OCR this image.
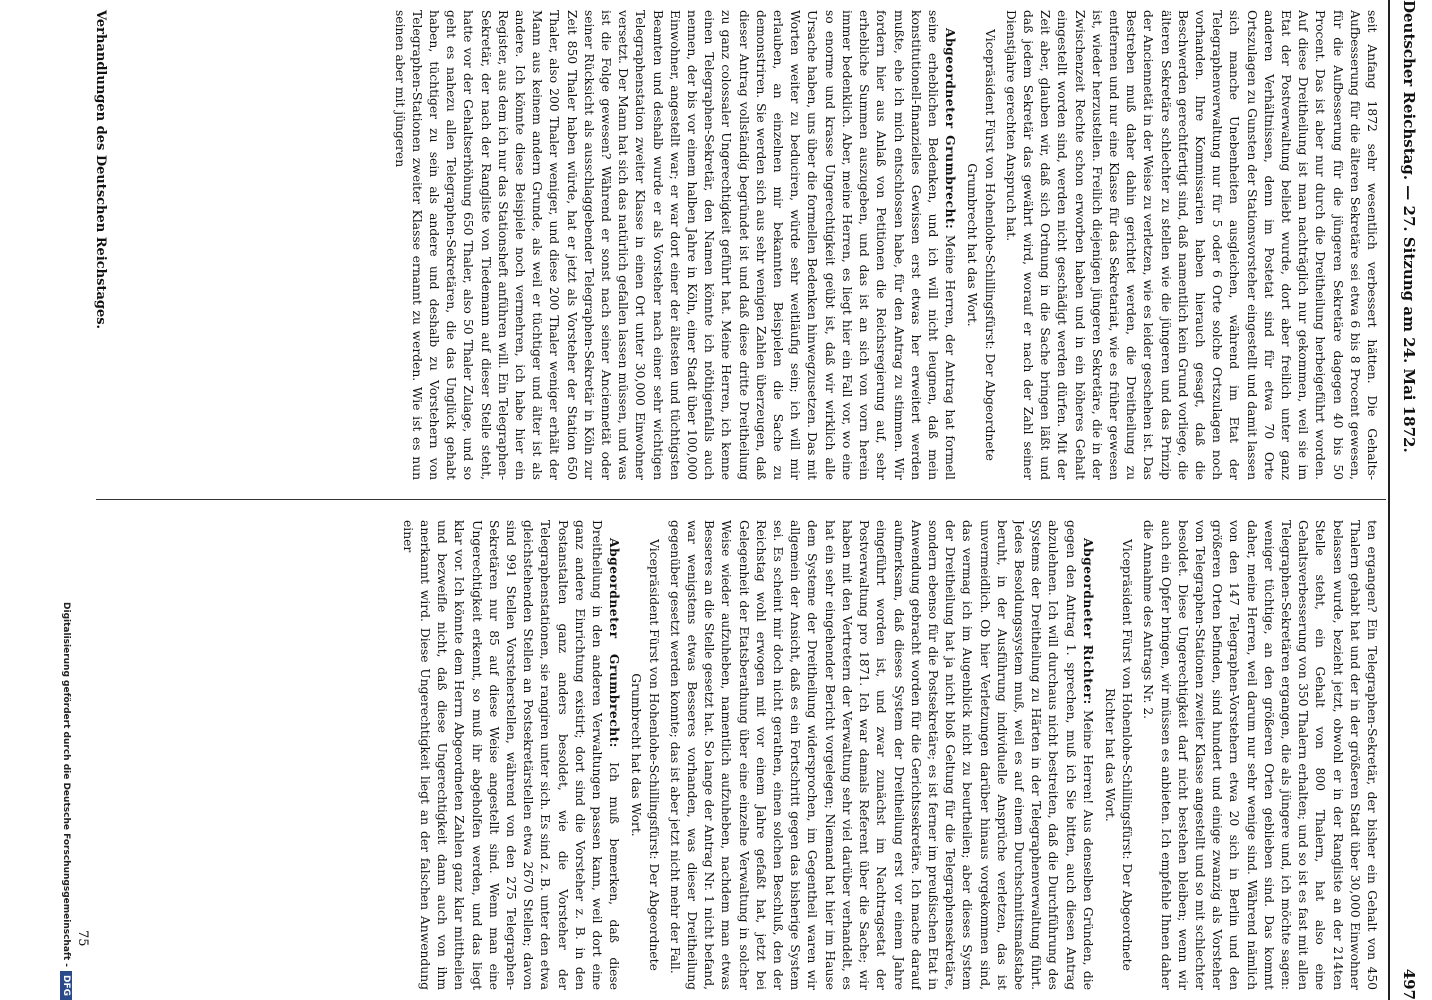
Deutscher Reichstag. — 27. Sitzung am 24. Mai 1872.
497

seit Anfang 1872 sehr wesentlich verbessert hätten. Die Gehalts-Aufbesserung für die älteren Sekretäre sei etwa 6 bis 8 Procent gewesen, für die Aufbesserung für die jüngeren Sekretäre dagegen 40 bis 50 Procent. Das ist aber nur durch die Dreitheilung herbeigeführt worden. Auf diese Dreitheilung ist man nachträglich nur gekommen, weil sie im Etat der Postverwaltung beliebt wurde, dort aber freilich unter ganz anderen Verhältnissen, denn im Postetat sind für etwa 70 Orte Ortszulagen zu Gunsten der Stationsvorsteher eingestellt und damit lassen sich manche Unebenheiten ausgleichen, während im Etat der Telegraphenverwaltung nur für 5 oder 6 Orte solche Ortszulagen noch vorhanden. Ihre Kommissarien haben hierauch gesagt, daß die Beschwerden gerechtfertigt sind, daß namentlich kein Grund vorliege, die älteren Sekretäre schlechter zu stellen wie die jüngeren und das Prinzip der Anciennetät in der Weise zu verletzen, wie es leider geschehen ist. Das Bestreben muß daher dahin gerichtet werden, die Dreitheilung zu entfernen und nur eine Klasse für das Sekretariat, wie es früher gewesen ist, wieder herzustellen. Freilich diejenigen jüngeren Sekretäre, die in der Zwischenzeit Rechte schon erworben haben und in ein höheres Gehalt eingestellt worden sind, werden nicht geschädigt werden dürfen. Mit der Zeit aber, glauben wir, daß sich Ordnung in die Sache bringen läßt und daß jedem Sekretär das gewährt wird, worauf er nach der Zahl seiner Dienstjahre gerechten Anspruch hat.

Vicepräsident Fürst von Hohenlohe-Schillingsfürst: Der Abgeordnete Grumbrecht hat das Wort.

Abgeordneter Grumbrecht: Meine Herren, der Antrag hat formell seine erheblichen Bedenken, und ich will nicht leugnen, daß mein konstitutionell-finanzielles Gewissen erst etwas her erweitert werden mußte, ehe ich mich entschlossen habe, für den Antrag zu stimmen. Wir fordern hier aus Anlaß von Petitionen die Reichsregierung auf, sehr erhebliche Summen auszugeben, und das ist an sich von vorn herein immer bedenklich. Aber, meine Herren, es liegt hier ein Fall vor, wo eine so enorme und krasse Ungerechtigkeit geübt ist, daß wir wirklich alle Ursache haben, uns über die formellen Bedenken hinwegzusetzen. Das mit Worten weiter zu beduciren, würde sehr weitläufig sein; ich will mir erlauben, an einzelnen mir bekannten Beispielen die Sache zu demonstriren. Sie werden sich aus sehr wenigen Zahlen überzeugen, daß dieser Antrag vollständig begründet ist und daß diese dritte Dreitheilung zu ganz colossaler Ungerechtigkeit geführt hat. Meine Herren, ich kenne einen Telegraphen-Sekretär, den Namen könnte ich nöthigenfalls auch nennen, der bis vor einem halben Jahre in Köln, einer Stadt über 100,000 Einwohner, angestellt war; er war dort einer der ältesten und tüchtigsten Beamten und deshalb wurde er als Vorsteher nach einer sehr wichtigen Telegraphenstation zweiter Klasse in einen Ort unter 30,000 Einwohner versetzt. Der Mann hat sich das natürlich gefallen lassen müssen, und was ist die Folge gewesen? Während er sonst nach seiner Anciennetät oder seiner Rücksicht als ausschlaggebender Telegraphen-Sekretär in Köln zur Zeit 850 Thaler haben würde, hat er jetzt als Vorsteher der Station 650 Thaler, also 200 Thaler weniger, und diese 200 Thaler weniger erhält der Mann aus keinem andern Grunde, als weil er tüchtiger und älter ist als andere. Ich könnte diese Beispiele noch vermehren, ich habe hier ein Register, aus dem ich nur das Stationsheft anführen will. Ein Telegraphen-Sekretär, der nach der Rangliste von Tiedemann auf dieser Stelle steht, hatte vor der Gehaltserhöhung 650 Thaler, also 50 Thaler Zulage, und so geht es nahezu allen Telegraphen-Sekretären, die das Unglück gehabt haben, tüchtiger zu sein als andere und deshalb zu Vorstehern von Telegraphen-Stationen zweiter Klasse ernannt zu werden. Wie ist es nun seinen aber mit jüngeren

ten ergangen? Ein Telegraphen-Sekretär, der bisher ein Gehalt von 450 Thalern gehabt hat und der in der größeren Stadt über 30,000 Einwohner belassen wurde, bezieht jetzt, obwohl er in der Rangliste an der 214ten Stelle steht, ein Gehalt von 800 Thalern, hat also eine Gehaltsverbesserung von 350 Thalern erhalten; und so ist es fast mit allen Telegraphen-Sekretären ergangen, die als jüngere und, ich möchte sagen: weniger tüchtige, an den größeren Orten geblieben sind. Das kommt daher, meine Herren, weil darum nur sehr wenige sind. Während nämlich von den 147 Telegraphen-Vorstehern etwa 20 sich in Berlin und den größeren Orten befinden, sind hundert und einige zwanzig als Vorsteher von Telegraphen-Stationen zweiter Klasse angestellt und so mit schlechter besoldet. Diese Ungerechtigkeit darf nicht bestehen bleiben; wenn wir auch ein Opfer bringen, wir müssen es anbieten. Ich empfehle Ihnen daher die Annahme des Antrags Nr. 2.

Vicepräsident Fürst von Hohenlohe-Schillingsfürst: Der Abgeordnete Richter hat das Wort.

Abgeordneter Richter: Meine Herren! Aus denselben Gründen, die gegen den Antrag 1. sprechen, muß ich Sie bitten, auch diesen Antrag abzulehnen. Ich will durchaus nicht bestreiten, daß die Durchführung des Systems der Dreitheilung zu Härten in der Telegraphenverwaltung führt. Jedes Besoldungssystem muß, weil es auf einem Durchschnittsmaßstabe beruht, in der Ausführung individuelle Ansprüche verletzen, das ist unvermeidlich. Ob hier Verletzungen darüber hinaus vorgekommen sind, das vermag ich im Augenblick nicht zu beurtheilen; aber dieses System der Dreitheilung hat ja nicht bloß Geltung für die Telegraphensekretäre, sondern ebenso für die Postsekretäre; es ist ferner im preußischen Etat in Anwendung gebracht worden für die Gerichtssekretäre. Ich mache darauf aufmerksam, daß dieses System der Dreitheilung erst vor einem Jahre eingeführt worden ist, und zwar zunächst im Nachtragsetat der Postverwaltung pro 1871. Ich war damals Referent über die Sache; wir haben mit den Vertretern der Verwaltung sehr viel darüber verhandelt, es hat ein sehr eingehender Bericht vorgelegen; Niemand hat hier im Hause dem Systeme der Dreitheilung widersprochen, im Gegentheil waren wir allgemein der Ansicht, daß es ein Fortschritt gegen das bisherige System sei. Es scheint mir doch nicht gerathen, einen solchen Beschluß, den der Reichstag wohl erwogen mit vor einem Jahre gefaßt hat, jetzt bei Gelegenheit der Etatsberathung über eine einzelne Verwaltung in solcher Weise wieder aufzuheben, namentlich aufzuheben, nachdem man etwas Besseres an die Stelle gesetzt hat. So lange der Antrag Nr. 1 nicht befand, war wenigstens etwas Besseres vorhanden, was dieser Dreitheilung gegenüber gesetzt werden konnte; das ist aber jetzt nicht mehr der Fall.

Vicepräsident Fürst von Hohenlohe-Schillingsfürst: Der Abgeordnete Grumbrecht hat das Wort.

Abgeordneter Grumbrecht: Ich muß bemerken, daß diese Dreitheilung in den anderen Verwaltungen passen kann, weil dort eine ganz andere Einrichtung existirt; dort sind die Vorsteher z. B. in den Postanstalten ganz anders besoldet, wie die Vorsteher der Telegraphenstationen, sie rangiren unter sich. Es sind z. B. unter den etwa gleichstehenden Stellen an Postsekretärstellen etwa 2670 Stellen; davon sind 991 Stellen Vorsteherstellen, während von den 275 Telegraphen-Sekretären nur 85 auf diese Weise angestellt sind. Wenn man eine Ungerechtigkeit erkennt, so muß ihr abgeholfen werden, und das liegt klar vor. Ich könnte dem Herrn Abgeordneten Zahlen ganz klar mittheilen und bezweifle nicht, daß diese Ungerechtigkeit dann auch von ihm anerkannt wird. Diese Ungerechtigkeit liegt an der falschen Anwendung einer

Verhandlungen des Deutschen Reichstages.
75
Digitalisierung gefördert durch die Deutsche Forschungsgemeinschaft -DFG
